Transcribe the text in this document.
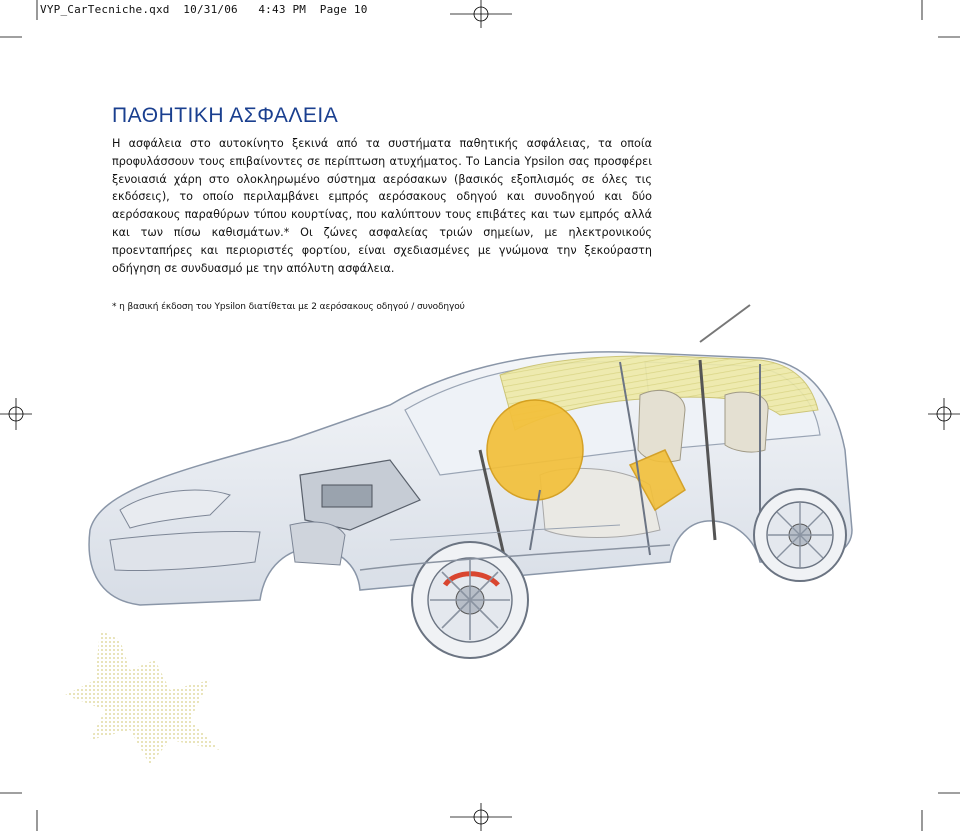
VYP_CarTecniche.qxd 10/31/06 4:43 PM Page 10
ΠΑΘΗΤΙΚΗ ΑΣΦΑΛΕΙΑ

Η ασφάλεια στο αυτοκίνητο ξεκινά από τα συστήματα παθητικής ασφάλειας, τα οποία προφυλάσσουν τους επιβαίνοντες σε περίπτωση ατυχήματος. Το Lancia Ypsilon σας προσφέρει ξενοιασιά χάρη στο ολοκληρωμένο σύστημα αερόσακων (βασικός εξοπλισμός σε όλες τις εκδόσεις), το οποίο περιλαμβάνει εμπρός αερόσακους οδηγού και συνοδηγού και δύο αερόσακους παραθύρων τύπου κουρτίνας, που καλύπτουν τους επιβάτες και των εμπρός αλλά και των πίσω καθισμάτων.* Οι ζώνες ασφαλείας τριών σημείων, με ηλεκτρονικούς προενταπήρες και περιοριστές φορτίου, είναι σχεδιασμένες με γνώμονα την ξεκούραστη οδήγηση σε συνδυασμό με την απόλυτη ασφάλεια.

* η βασική έκδοση του Ypsilon διατίθεται με 2 αερόσακους οδηγού / συνοδηγού
